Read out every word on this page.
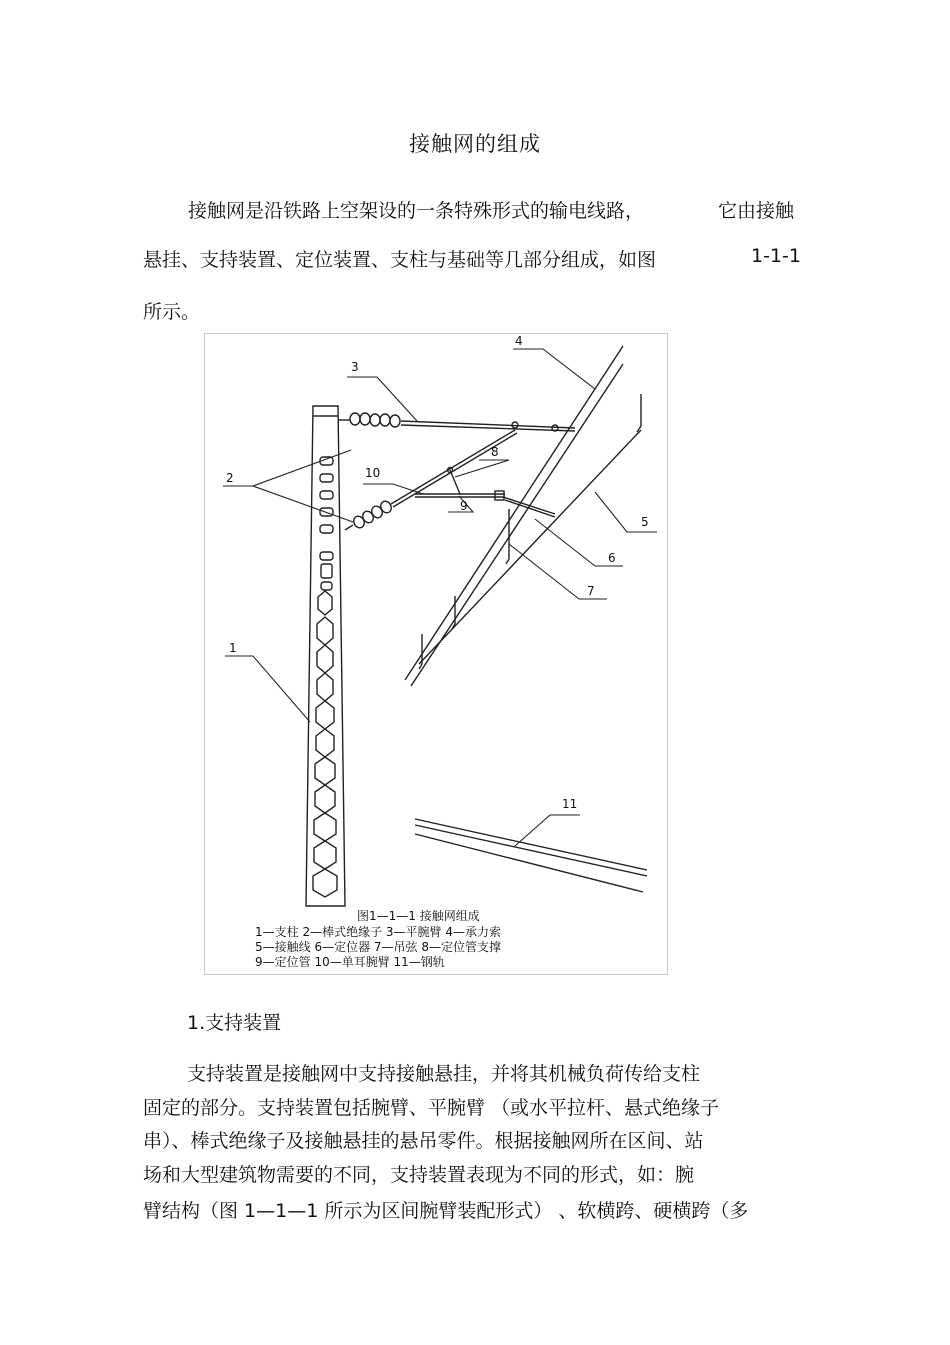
接触网的组成
接触网是沿铁路上空架设的一条特殊形式的输电线路，	它由接触
悬挂、支持装置、定位装置、支柱与基础等几部分组成，如图	1-1-1
所示。
3
4
2	10
8
9
1
5
6
7
11
图1—1—1 接触网组成
1—支柱 2—棒式绝缘子 3—平腕臂 4—承力索
5—接触线 6—定位器 7—吊弦 8—定位管支撑
9—定位管 10—单耳腕臂 11—钢轨
1.支持装置
支持装置是接触网中支持接触悬挂，并将其机械负荷传给支柱
固定的部分。支持装置包括腕臂、平腕臂 （或水平拉杆、悬式绝缘子
串）、棒式绝缘子及接触悬挂的悬吊零件。根据接触网所在区间、站
场和大型建筑物需要的不同，支持装置表现为不同的形式，如：腕
臂结构（图 1—1—1 所示为区间腕臂装配形式） 、软横跨、硬横跨（多
